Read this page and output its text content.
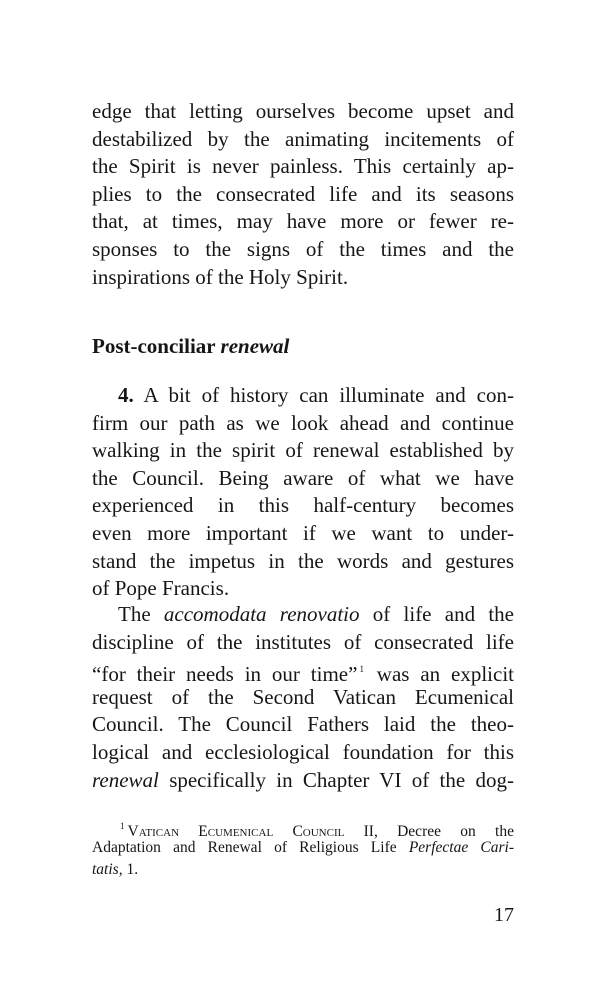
edge that letting ourselves become upset and
destabilized by the animating incitements of
the Spirit is never painless. This certainly ap-
plies to the consecrated life and its seasons
that, at times, may have more or fewer re-
sponses to the signs of the times and the
inspirations of the Holy Spirit.
Post-conciliar renewal
4. A bit of history can illuminate and con-
firm our path as we look ahead and continue
walking in the spirit of renewal established by
the Council. Being aware of what we have
experienced in this half-century becomes
even more important if we want to under-
stand the impetus in the words and gestures
of Pope Francis.
The accomodata renovatio of life and the
discipline of the institutes of consecrated life
“for their needs in our time” $^1$ was an explicit
request of the Second Vatican Ecumenical
Council. The Council Fathers laid the theo-
logical and ecclesiological foundation for this
renewal specifically in Chapter VI of the dog-
$^1$ Vatican Ecumenical Council II, Decree on the
Adaptation and Renewal of Religious Life Perfectae Cari-
tatis, 1.
17
